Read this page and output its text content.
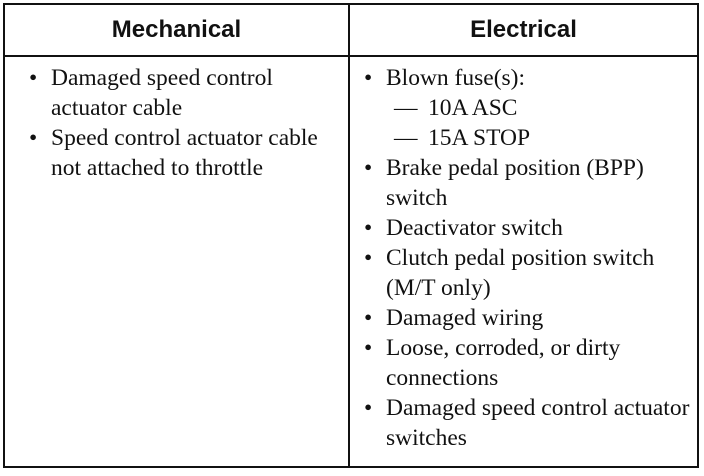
Mechanical	Electrical
• Damaged speed control actuator cable
• Speed control actuator cable not attached to throttle
• Blown fuse(s):
— 10A ASC
— 15A STOP
• Brake pedal position (BPP) switch
• Deactivator switch
• Clutch pedal position switch (M/T only)
• Damaged wiring
• Loose, corroded, or dirty connections
• Damaged speed control actuator switches
